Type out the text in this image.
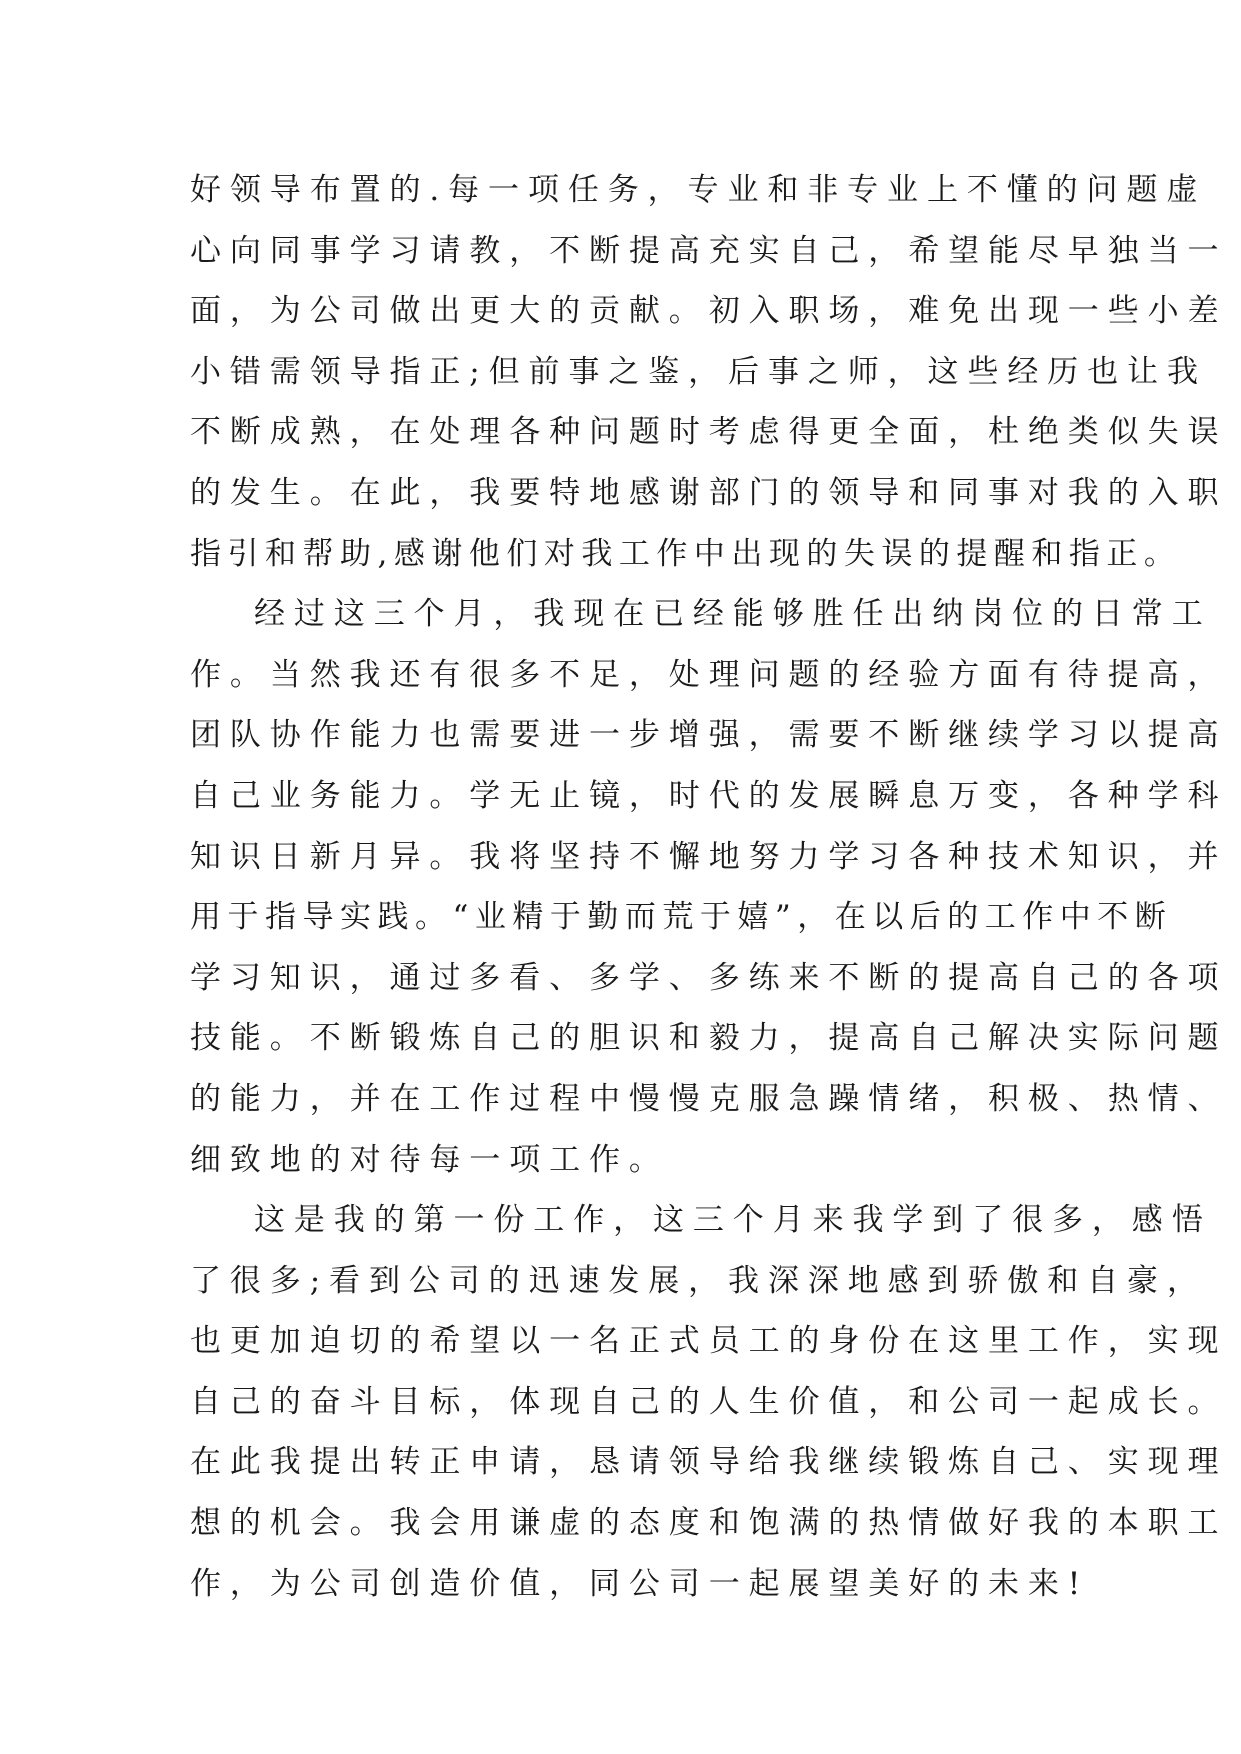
好领导布置的.每一项任务，专业和非专业上不懂的问题虚
心向同事学习请教，不断提高充实自己，希望能尽早独当一
面，为公司做出更大的贡献。初入职场，难免出现一些小差
小错需领导指正;但前事之鉴，后事之师，这些经历也让我
不断成熟，在处理各种问题时考虑得更全面，杜绝类似失误
的发生。在此，我要特地感谢部门的领导和同事对我的入职
指引和帮助,感谢他们对我工作中出现的失误的提醒和指正。
经过这三个月，我现在已经能够胜任出纳岗位的日常工
作。当然我还有很多不足，处理问题的经验方面有待提高，
团队协作能力也需要进一步增强，需要不断继续学习以提高
自己业务能力。学无止镜，时代的发展瞬息万变，各种学科
知识日新月异。我将坚持不懈地努力学习各种技术知识，并
用于指导实践。“业精于勤而荒于嬉”，在以后的工作中不断
学习知识，通过多看、多学、多练来不断的提高自己的各项
技能。不断锻炼自己的胆识和毅力，提高自己解决实际问题
的能力，并在工作过程中慢慢克服急躁情绪，积极、热情、
细致地的对待每一项工作。
这是我的第一份工作，这三个月来我学到了很多，感悟
了很多;看到公司的迅速发展，我深深地感到骄傲和自豪，
也更加迫切的希望以一名正式员工的身份在这里工作，实现
自己的奋斗目标，体现自己的人生价值，和公司一起成长。
在此我提出转正申请，恳请领导给我继续锻炼自己、实现理
想的机会。我会用谦虚的态度和饱满的热情做好我的本职工
作，为公司创造价值，同公司一起展望美好的未来!
